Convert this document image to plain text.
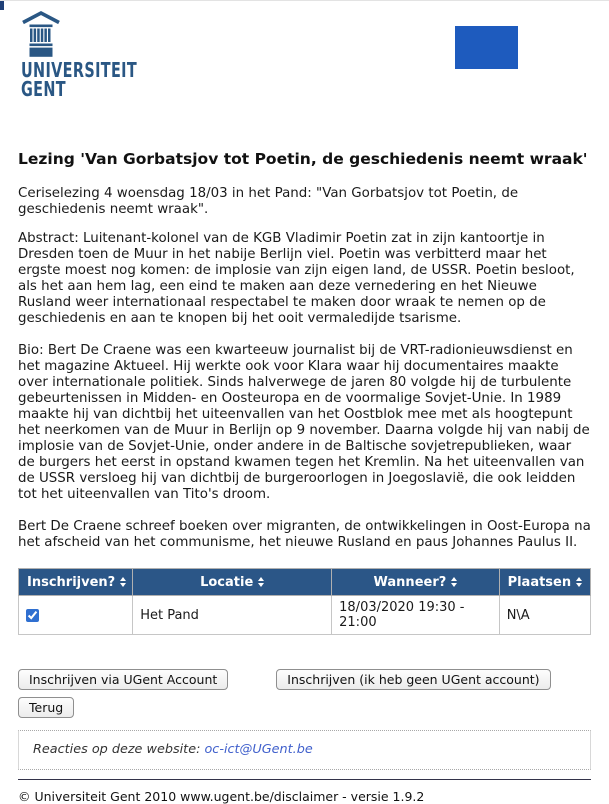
UNIVERSITEIT
GENT
Lezing 'Van Gorbatsjov tot Poetin, de geschiedenis neemt wraak'

Ceriselezing 4 woensdag 18/03 in het Pand: "Van Gorbatsjov tot Poetin, de geschiedenis neemt wraak".

Abstract: Luitenant-kolonel van de KGB Vladimir Poetin zat in zijn kantoortje in Dresden toen de Muur in het nabije Berlijn viel. Poetin was verbitterd maar het ergste moest nog komen: de implosie van zijn eigen land, de USSR. Poetin besloot, als het aan hem lag, een eind te maken aan deze vernedering en het Nieuwe Rusland weer internationaal respectabel te maken door wraak te nemen op de geschiedenis en aan te knopen bij het ooit vermaledijde tsarisme.

Bio: Bert De Craene was een kwarteeuw journalist bij de VRT-radionieuwsdienst en het magazine Aktueel. Hij werkte ook voor Klara waar hij documentaires maakte over internationale politiek. Sinds halverwege de jaren 80 volgde hij de turbulente gebeurtenissen in Midden- en Oosteuropa en de voormalige Sovjet-Unie. In 1989 maakte hij van dichtbij het uiteenvallen van het Oostblok mee met als hoogtepunt het neerkomen van de Muur in Berlijn op 9 november. Daarna volgde hij van nabij de implosie van de Sovjet-Unie, onder andere in de Baltische sovjetrepublieken, waar de burgers het eerst in opstand kwamen tegen het Kremlin. Na het uiteenvallen van de USSR versloeg hij van dichtbij de burgeroorlogen in Joegoslavië, die ook leidden tot het uiteenvallen van Tito's droom.

Bert De Craene schreef boeken over migranten, de ontwikkelingen in Oost-Europa na het afscheid van het communisme, het nieuwe Rusland en paus Johannes Paulus II.

Inschrijven?	Locatie	Wanneer?	Plaatsen

	Het Pand	18/03/2020 19:30 - 21:00	N\A
Inschrijven via UGent Account	Inschrijven (ik heb geen UGent account)
Terug
Reacties op deze website: oc-ict@UGent.be
© Universiteit Gent 2010 www.ugent.be/disclaimer - versie 1.9.2
